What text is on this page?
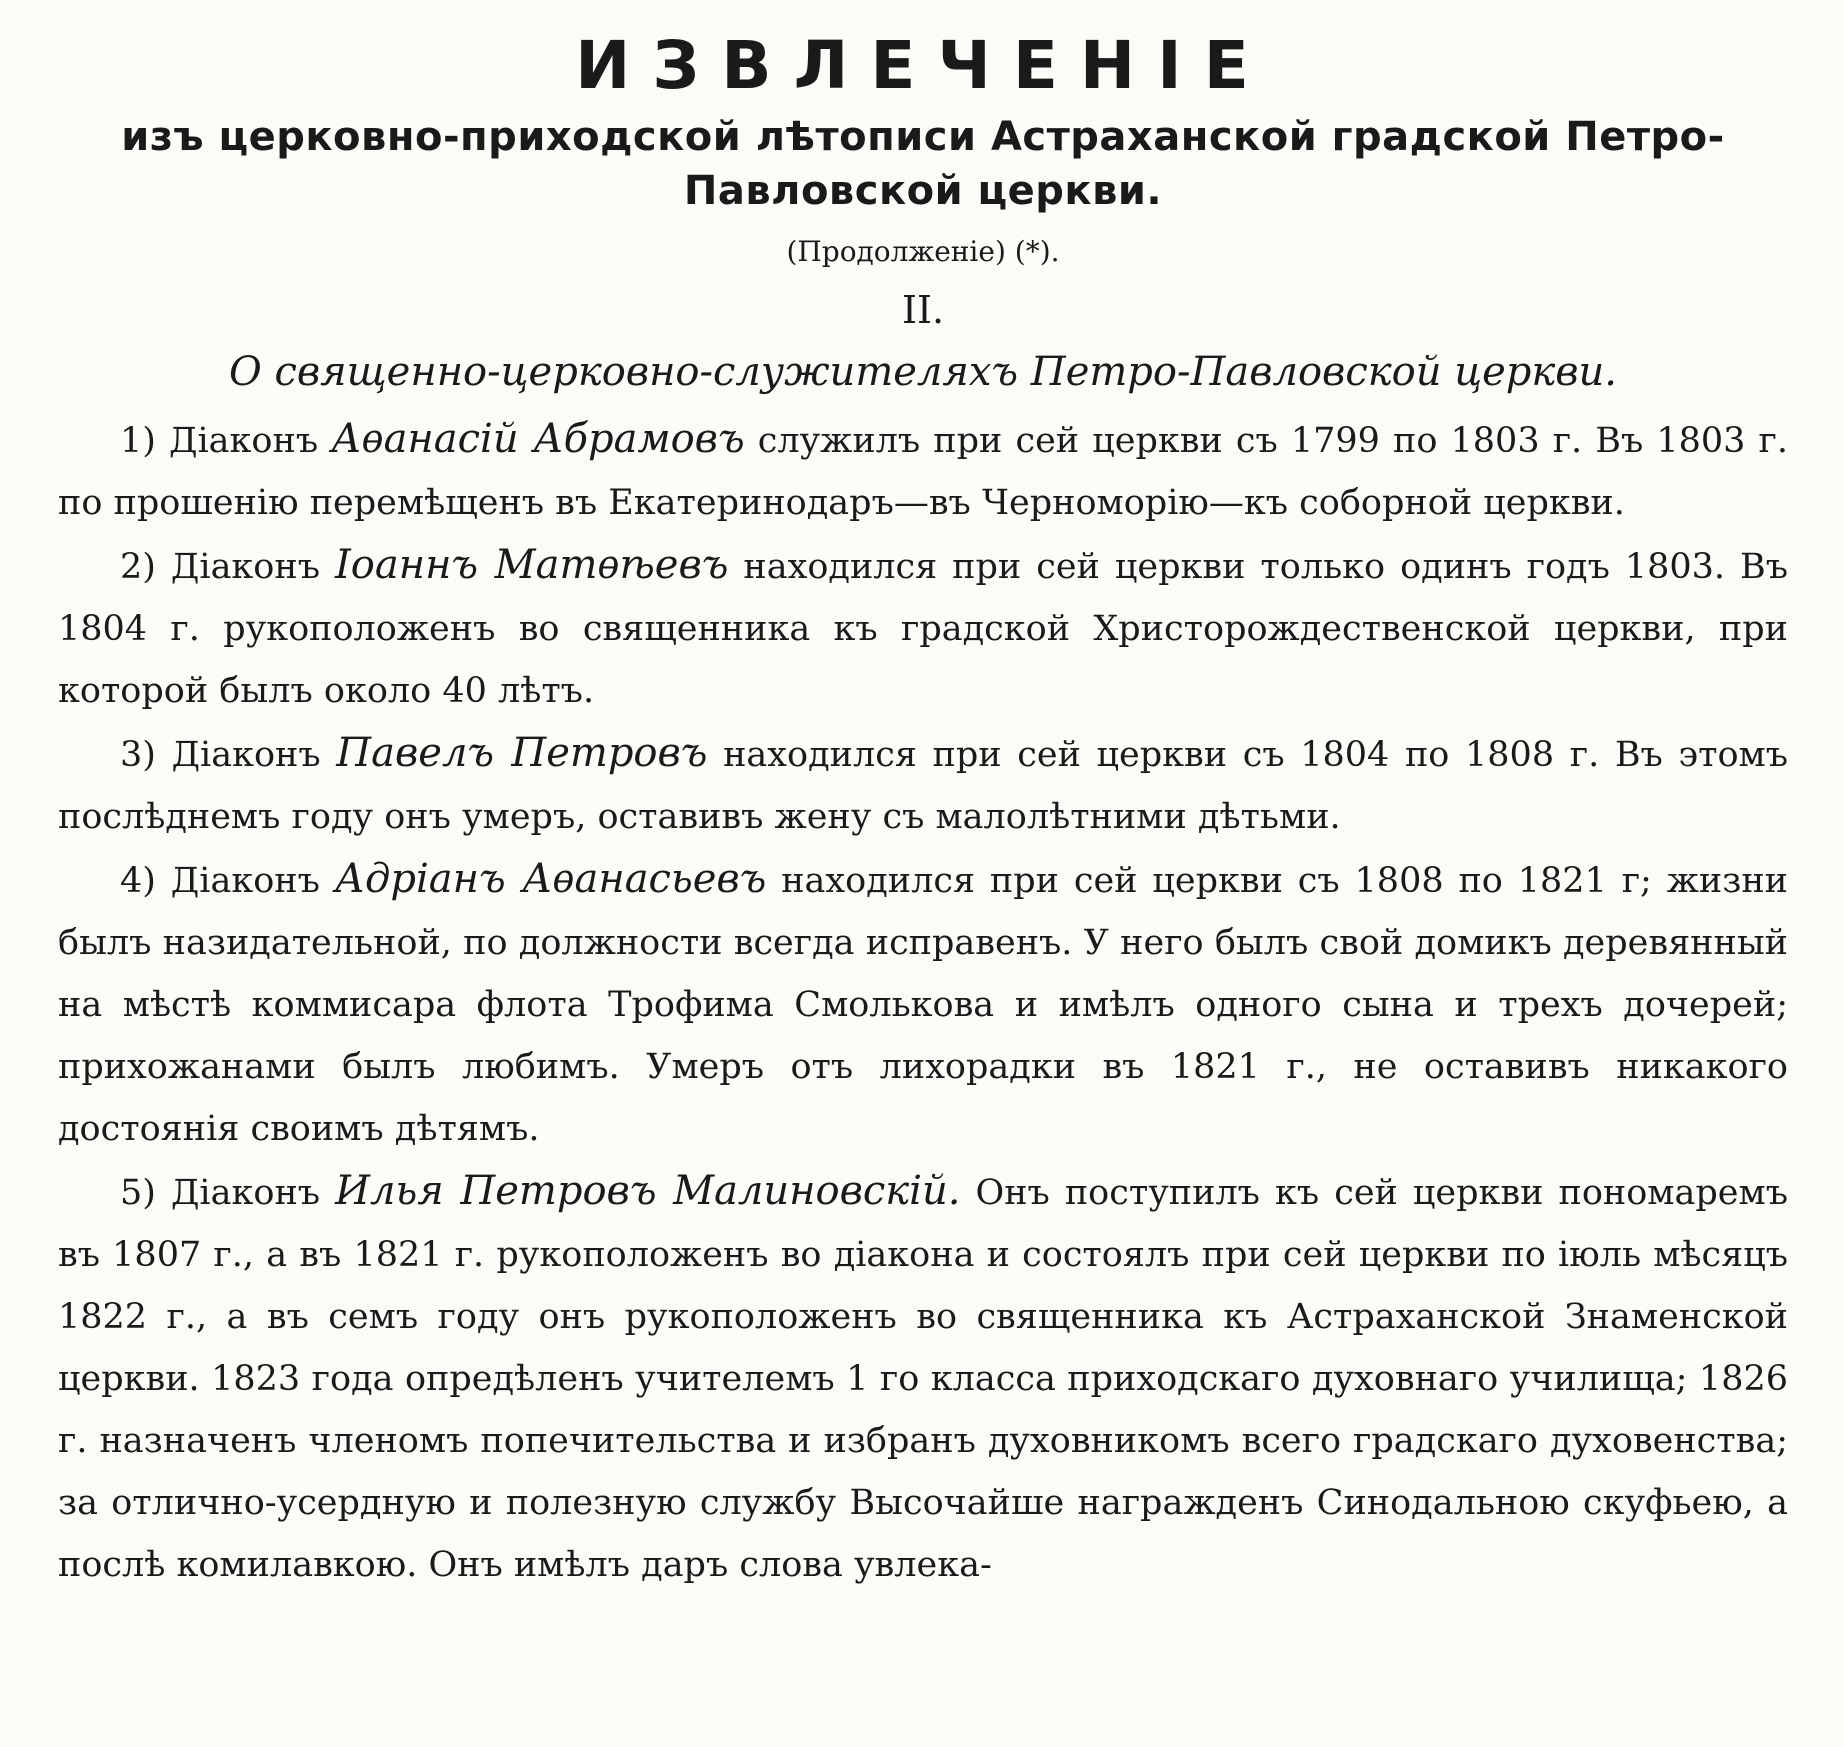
ИЗВЛЕЧЕНІЕ

изъ церковно-приходской лѣтописи Астраханской градской Петро-Павловской церкви.

(Продолженіе) (*).

II.

О священно-церковно-служителяхъ Петро-Павловской церкви.

1) Діаконъ Аѳанасій Абрамовъ служилъ при сей церкви съ 1799 по 1803 г. Въ 1803 г. по прошенію перемѣщенъ въ Екатеринодаръ—въ Черноморію—къ соборной церкви.

2) Діаконъ Іоаннъ Матѳѣевъ находился при сей церкви только одинъ годъ 1803. Въ 1804 г. рукоположенъ во священника къ градской Христорождественской церкви, при которой былъ около 40 лѣтъ.

3) Діаконъ Павелъ Петровъ находился при сей церкви съ 1804 по 1808 г. Въ этомъ послѣднемъ году онъ умеръ, оставивъ жену съ малолѣтними дѣтьми.

4) Діаконъ Адріанъ Аѳанасьевъ находился при сей церкви съ 1808 по 1821 г; жизни былъ назидательной, по должности всегда исправенъ. У него былъ свой домикъ деревянный на мѣстѣ коммисара флота Трофима Смолькова и имѣлъ одного сына и трехъ дочерей; прихожанами былъ любимъ. Умеръ отъ лихорадки въ 1821 г., не оставивъ никакого достоянія своимъ дѣтямъ.

5) Діаконъ Илья Петровъ Малиновскій. Онъ поступилъ къ сей церкви пономаремъ въ 1807 г., а въ 1821 г. рукоположенъ во діакона и состоялъ при сей церкви по іюль мѣсяцъ 1822 г., а въ семъ году онъ рукоположенъ во священника къ Астраханской Знаменской церкви. 1823 года опредѣленъ учителемъ 1 го класса приходскаго духовнаго училища; 1826 г. назначенъ членомъ попечительства и избранъ духовникомъ всего градскаго духовенства; за отлично-усердную и полезную службу Высочайше награжденъ Синодальною скуфьею, а послѣ комилавкою. Онъ имѣлъ даръ слова увлека-
